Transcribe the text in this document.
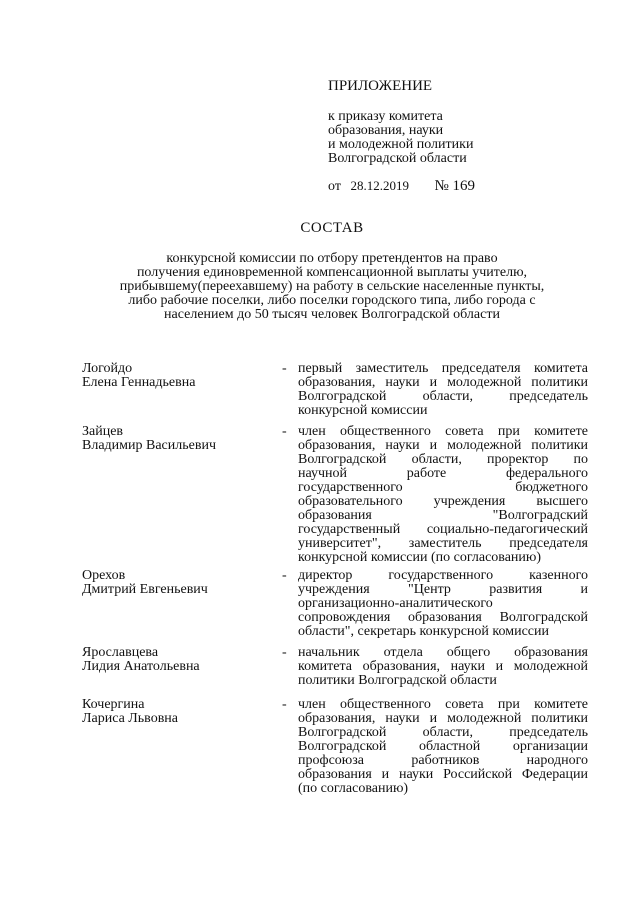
ПРИЛОЖЕНИЕ
к приказу комитета
образования, науки
и молодежной политики
Волгоградской области
от 28.12.2019 № 169
СОСТАВ
конкурсной комиссии по отбору претендентов на право
получения единовременной компенсационной выплаты учителю,
прибывшему(переехавшему) на работу в сельские населенные пункты,
либо рабочие поселки, либо поселки городского типа, либо города с
населением до 50 тысяч человек Волгоградской области
Логойдо
Елена Геннадьевна
- первый заместитель председателя комитета
образования, науки и молодежной политики
Волгоградской области, председатель
конкурсной комиссии
Зайцев
Владимир Васильевич
- член общественного совета при комитете
образования, науки и молодежной политики
Волгоградской области, проректор по
научной работе федерального
государственного бюджетного
образовательного учреждения высшего
образования "Волгоградский
государственный социально-педагогический
университет", заместитель председателя
конкурсной комиссии (по согласованию)
Орехов
Дмитрий Евгеньевич
- директор государственного казенного
учреждения "Центр развития и
организационно-аналитического
сопровождения образования Волгоградской
области", секретарь конкурсной комиссии
Ярославцева
Лидия Анатольевна
- начальник отдела общего образования
комитета образования, науки и молодежной
политики Волгоградской области
Кочергина
Лариса Львовна
- член общественного совета при комитете
образования, науки и молодежной политики
Волгоградской области, председатель
Волгоградской областной организации
профсоюза работников народного
образования и науки Российской Федерации
(по согласованию)
